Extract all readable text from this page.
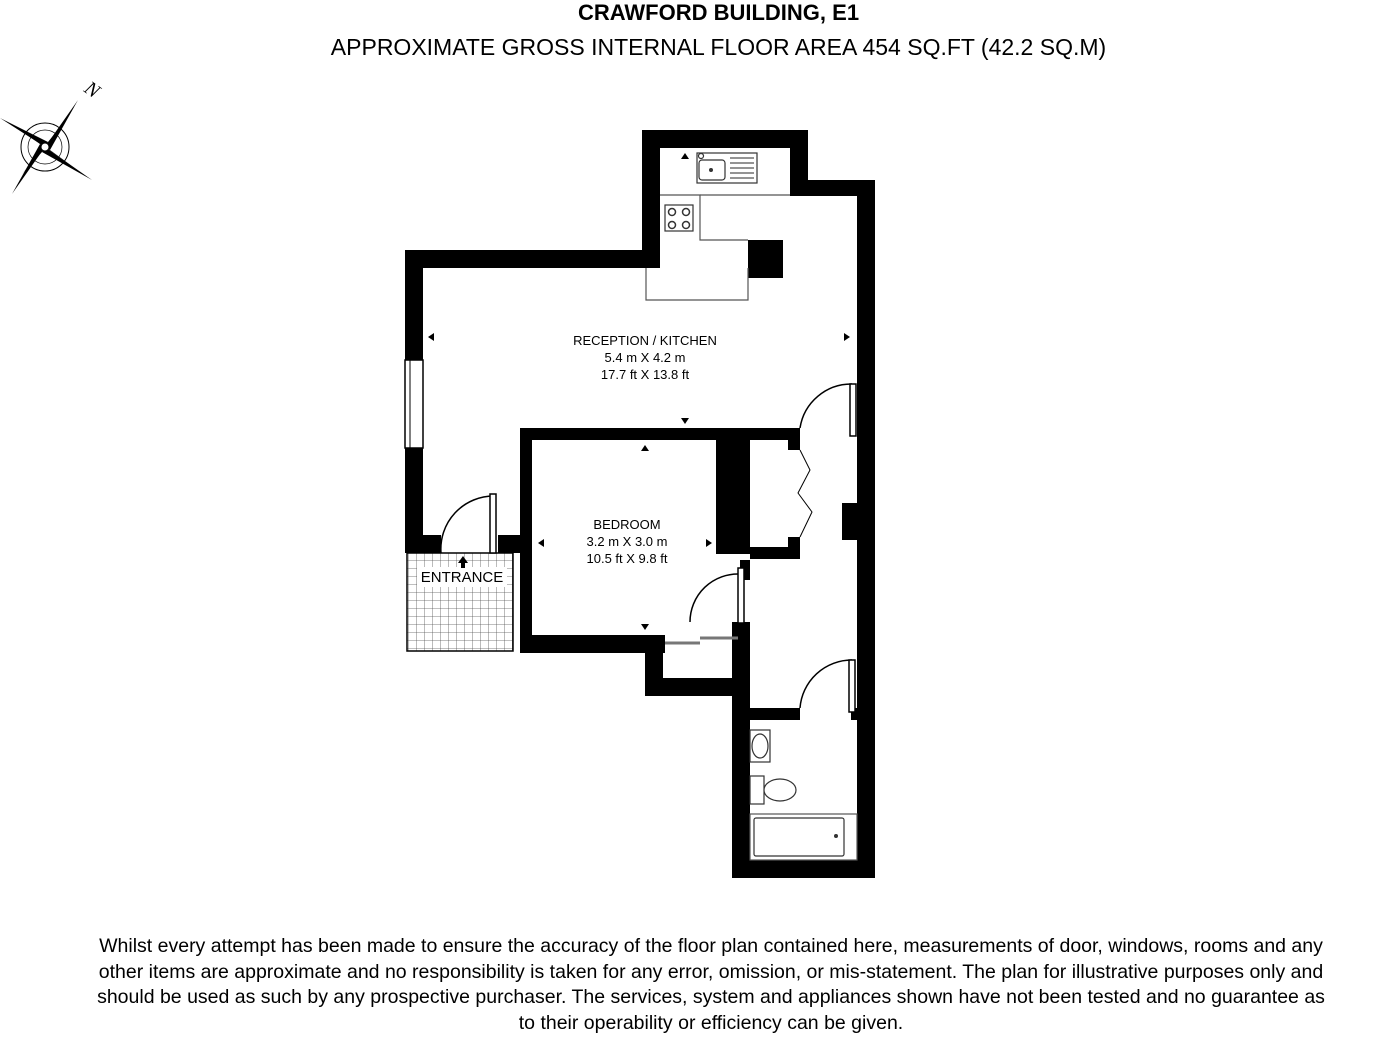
CRAWFORD BUILDING, E1
APPROXIMATE GROSS INTERNAL FLOOR AREA 454 SQ.FT (42.2 SQ.M)
N
RECEPTION / KITCHEN
5.4 m X 4.2 m
17.7 ft X 13.8 ft
BEDROOM
3.2 m X 3.0 m
10.5 ft X 9.8 ft
ENTRANCE
Whilst every attempt has been made to ensure the accuracy of the floor plan contained here, measurements of door, windows, rooms and any
other items are approximate and no responsibility is taken for any error, omission, or mis-statement. The plan for illustrative purposes only and
should be used as such by any prospective purchaser. The services, system and appliances shown have not been tested and no guarantee as
to their operability or efficiency can be given.
